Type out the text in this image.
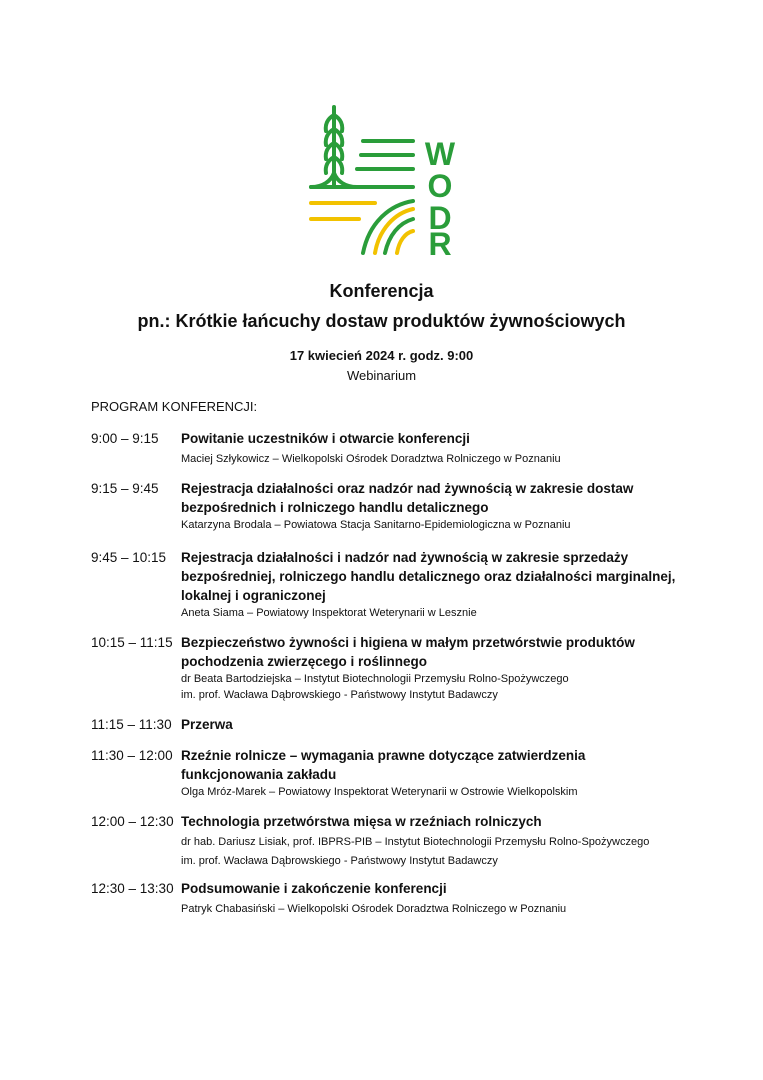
W
O
D
R
Konferencja
pn.: Krótkie łańcuchy dostaw produktów żywnościowych
17 kwiecień 2024 r. godz. 9:00
Webinarium
PROGRAM KONFERENCJI:
9:00 – 9:15	Powitanie uczestników i otwarcie konferencji
Maciej Szłykowicz – Wielkopolski Ośrodek Doradztwa Rolniczego w Poznaniu
9:15 – 9:45	Rejestracja działalności oraz nadzór nad żywnością w zakresie dostaw
bezpośrednich i rolniczego handlu detalicznego
Katarzyna Brodala – Powiatowa Stacja Sanitarno-Epidemiologiczna w Poznaniu
9:45 – 10:15	Rejestracja działalności i nadzór nad żywnością w zakresie sprzedaży
bezpośredniej, rolniczego handlu detalicznego oraz działalności marginalnej,
lokalnej i ograniczonej
Aneta Siama – Powiatowy Inspektorat Weterynarii w Lesznie
10:15 – 11:15 Bezpieczeństwo żywności i higiena w małym przetwórstwie produktów
pochodzenia zwierzęcego i roślinnego
dr Beata Bartodziejska – Instytut Biotechnologii Przemysłu Rolno-Spożywczego
im. prof. Wacława Dąbrowskiego - Państwowy Instytut Badawczy
11:15 – 11:30 Przerwa
11:30 – 12:00 Rzeźnie rolnicze – wymagania prawne dotyczące zatwierdzenia
funkcjonowania zakładu
Olga Mróz-Marek – Powiatowy Inspektorat Weterynarii w Ostrowie Wielkopolskim
12:00 – 12:30 Technologia przetwórstwa mięsa w rzeźniach rolniczych
dr hab. Dariusz Lisiak, prof. IBPRS-PIB – Instytut Biotechnologii Przemysłu Rolno-Spożywczego
im. prof. Wacława Dąbrowskiego - Państwowy Instytut Badawczy
12:30 – 13:30 Podsumowanie i zakończenie konferencji
Patryk Chabasiński – Wielkopolski Ośrodek Doradztwa Rolniczego w Poznaniu
